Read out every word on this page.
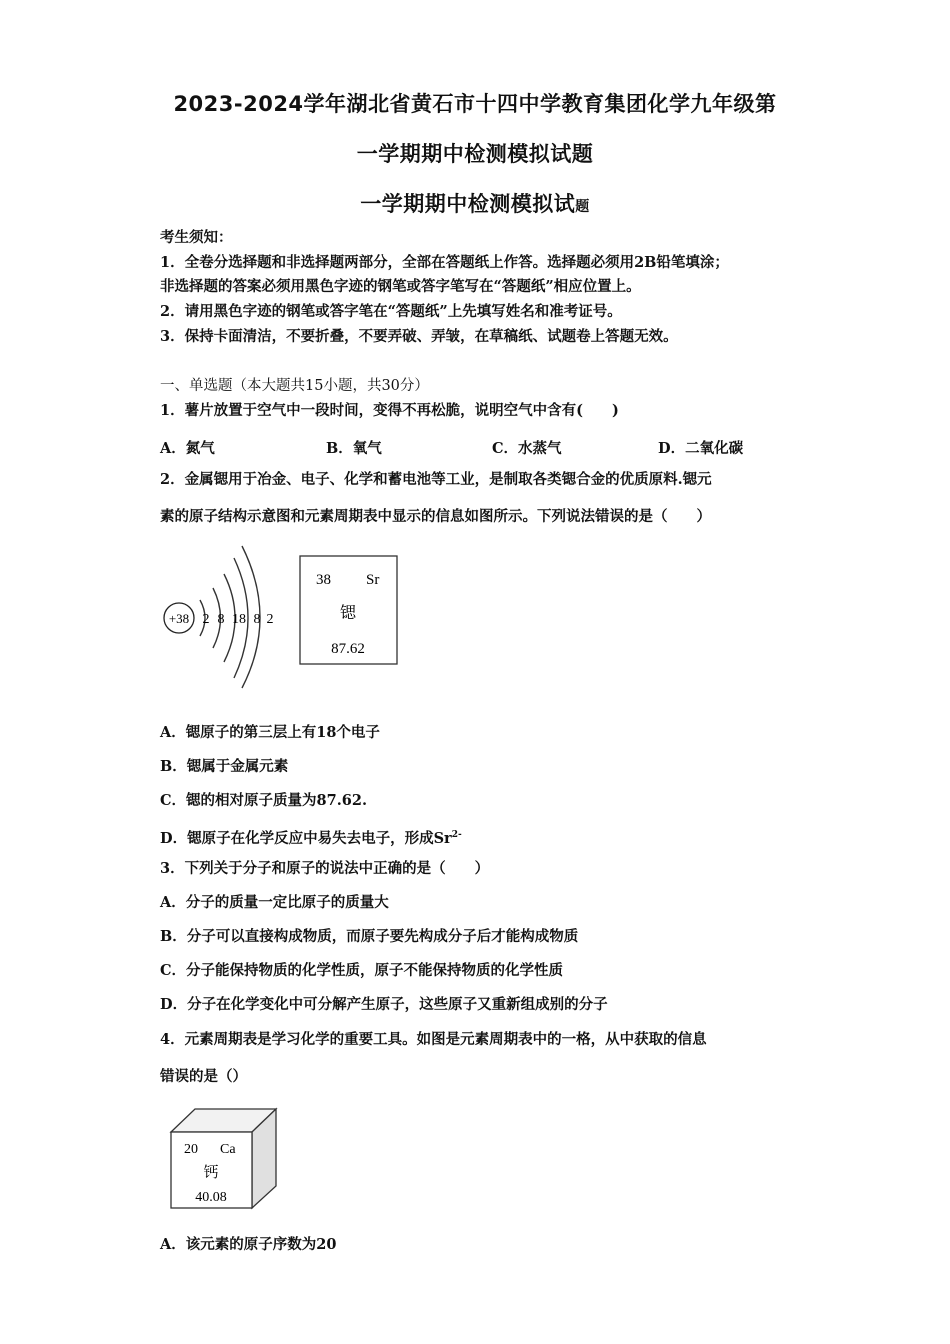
2023-2024学年湖北省黄石市十四中学教育集团化学九年级第
一学期期中检测模拟试题
一学期期中检测模拟试题
考生须知：
1．全卷分选择题和非选择题两部分，全部在答题纸上作答。选择题必须用2B铅笔填涂；
非选择题的答案必须用黑色字迹的钢笔或答字笔写在“答题纸”相应位置上。
2．请用黑色字迹的钢笔或答字笔在“答题纸”上先填写姓名和准考证号。
3．保持卡面清洁，不要折叠，不要弄破、弄皱，在草稿纸、试题卷上答题无效。
一、单选题（本大题共15小题，共30分）
1．薯片放置于空气中一段时间，变得不再松脆，说明空气中含有(　　)
A．氮气	B．氧气	C．水蒸气	D．二氧化碳
2．金属锶用于冶金、电子、化学和蓄电池等工业，是制取各类锶合金的优质原料.锶元
素的原子结构示意图和元素周期表中显示的信息如图所示。下列说法错误的是（　　）
+38 2 8 18 8 2
38 Sr
锶
87.62
A．锶原子的第三层上有18个电子
B．锶属于金属元素
C．锶的相对原子质量为87.62.
D．锶原子在化学反应中易失去电子，形成$Sr^{2-}$
3．下列关于分子和原子的说法中正确的是（　　）
A．分子的质量一定比原子的质量大
B．分子可以直接构成物质，而原子要先构成分子后才能构成物质
C．分子能保持物质的化学性质，原子不能保持物质的化学性质
D．分子在化学变化中可分解产生原子，这些原子又重新组成别的分子
4．元素周期表是学习化学的重要工具。如图是元素周期表中的一格，从中获取的信息
错误的是（）
20 Ca
钙
40.08
A．该元素的原子序数为20
